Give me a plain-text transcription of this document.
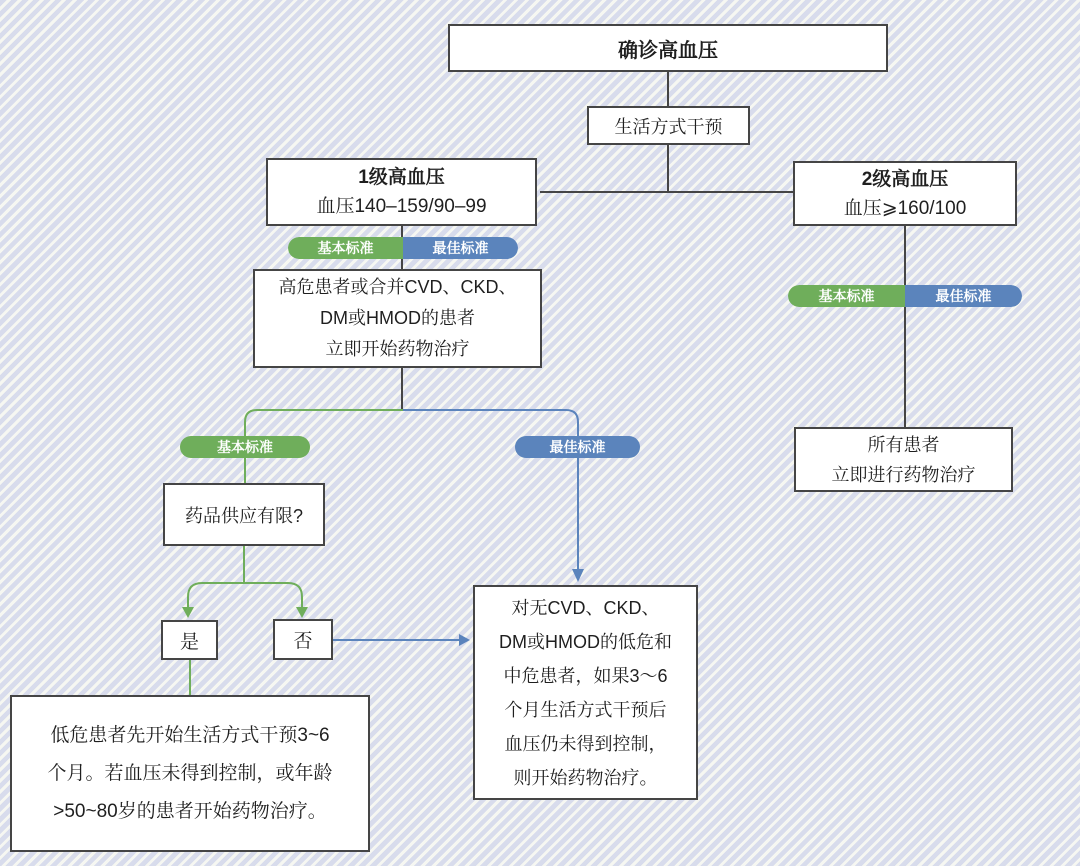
确诊高血压
生活方式干预
1级高血压
血压140–159/90–99
2级高血压
血压⩾160/100
高危患者或合并CVD、CKD、
DM或HMOD的患者
立即开始药物治疗
所有患者
立即进行药物治疗
药品供应有限?
是	否
对无CVD、CKD、
DM或HMOD的低危和
中危患者，如果3～6
个月生活方式干预后
血压仍未得到控制，
则开始药物治疗。
低危患者先开始生活方式干预3~6
个月。若血压未得到控制，或年龄
>50~80岁的患者开始药物治疗。
基本标准	最佳标准
基本标准	最佳标准
基本标准	最佳标准
